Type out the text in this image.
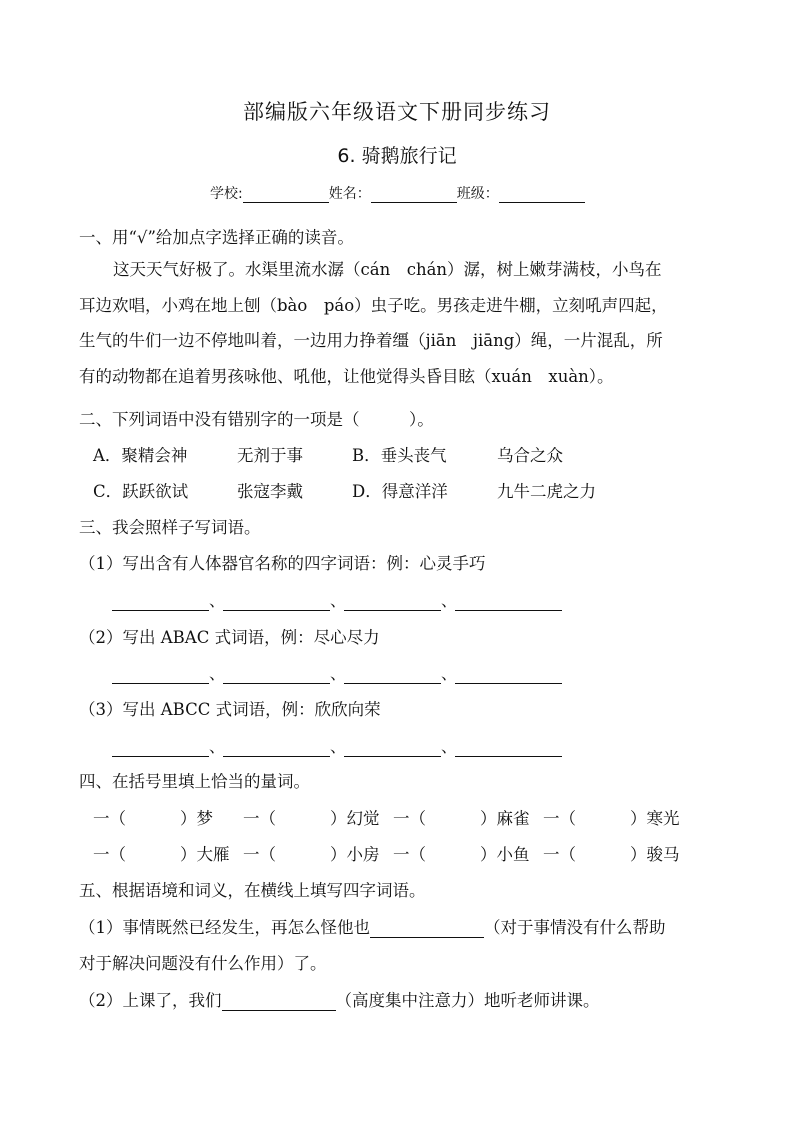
部编版六年级语文下册同步练习
6. 骑鹅旅行记
学校:	姓名：	班级：
一、用“√”给加点字选择正确的读音。

这天天气好极了。水渠里流水潺（cán　chán）潺，树上嫩芽满枝，小鸟在

耳边欢唱，小鸡在地上刨（bào　páo）虫子吃。男孩走进牛棚，立刻吼声四起，

生气的牛们一边不停地叫着，一边用力挣着缰（jiān　jiāng）绳，一片混乱，所

有的动物都在追着男孩咏他、吼他，让他觉得头昏目眩（xuán　xuàn）。

二、下列词语中没有错别字的一项是（　　　）。
A．聚精会神	无剂于事	B．垂头丧气	乌合之众
C．跃跃欲试	张寇李戴	D．得意洋洋	九牛二虎之力
三、我会照样子写词语。
（1）写出含有人体器官名称的四字词语：例：心灵手巧
、	、	、
（2）写出 ABAC 式词语，例：尽心尽力
、	、	、
（3）写出 ABCC 式词语，例：欣欣向荣
、	、	、
四、在括号里填上恰当的量词。
一（	）梦	一（	）幻觉 一（	）麻雀 一（	）寒光
一（	）大雁 一（	）小房 一（	）小鱼 一（	）骏马
五、根据语境和词义，在横线上填写四字词语。
（1）事情既然已经发生，再怎么怪他也	（对于事情没有什么帮助
对于解决问题没有什么作用）了。
（2）上课了，我们	（高度集中注意力）地听老师讲课。
